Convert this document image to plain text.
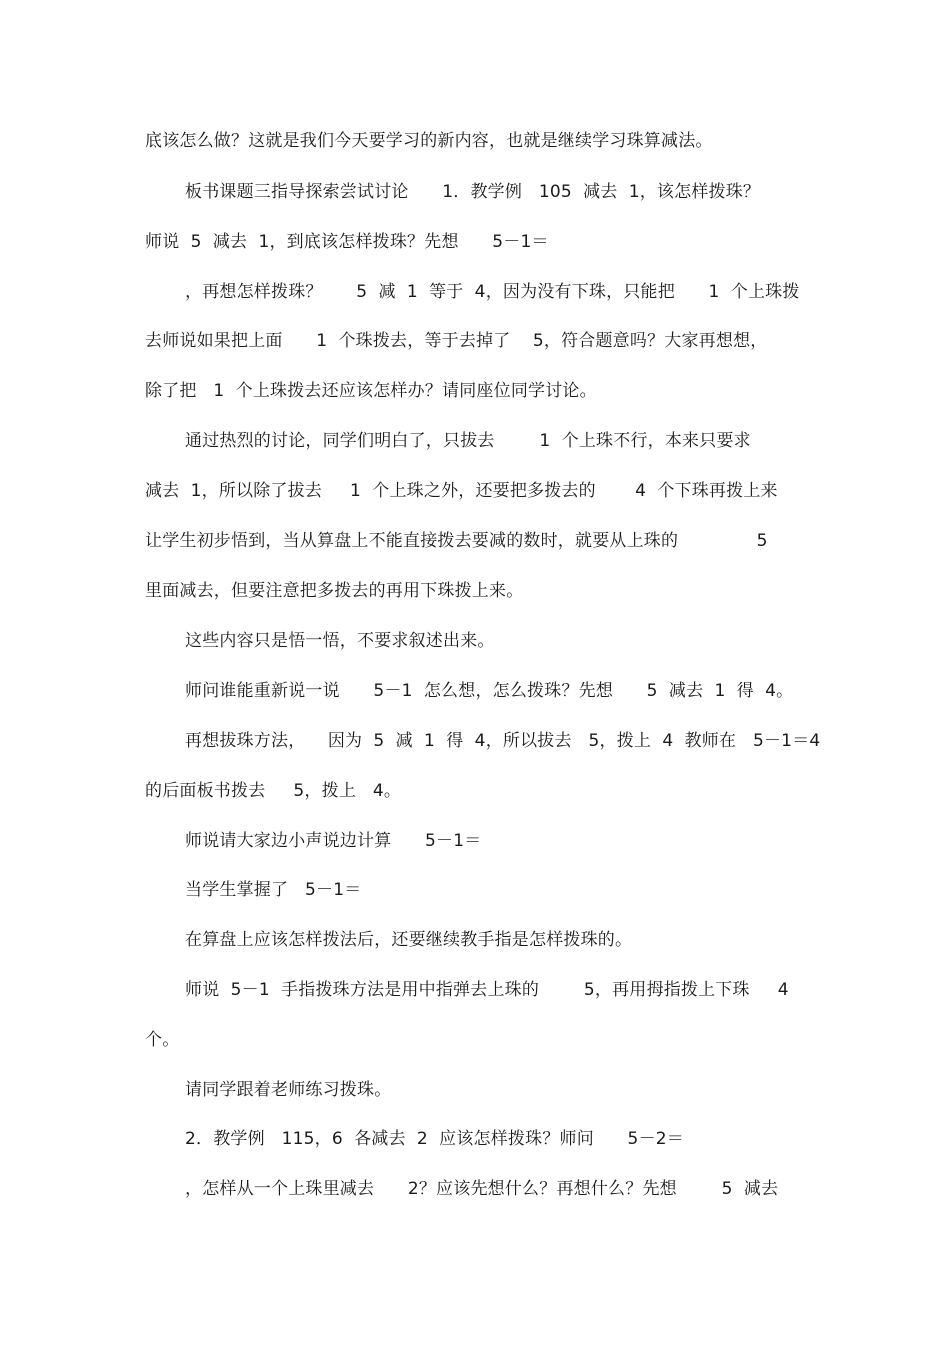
底该怎么做？这就是我们今天要学习的新内容，也就是继续学习珠算减法。
板书课题三指导探索尝试讨论      1．教学例   105  减去  1，该怎样拨珠？
师说  5  减去  1，到底该怎样拨珠？先想      5－1＝
，再想怎样拨珠？      5  减  1  等于  4，因为没有下珠，只能把      1  个上珠拨
去师说如果把上面      1  个珠拨去，等于去掉了    5，符合题意吗？大家再想想，
除了把   1  个上珠拨去还应该怎样办？请同座位同学讨论。
通过热烈的讨论，同学们明白了，只拔去        1  个上珠不行，本来只要求
减去  1，所以除了拔去     1  个上珠之外，还要把多拨去的       4  个下珠再拨上来
让学生初步悟到，当从算盘上不能直接拨去要减的数时，就要从上珠的              5
里面减去，但要注意把多拨去的再用下珠拨上来。
这些内容只是悟一悟，不要求叙述出来。
师问谁能重新说一说      5－1  怎么想，怎么拨珠？先想      5  减去  1  得  4。
再想拔珠方法，    因为  5  减  1  得  4，所以拔去   5，拨上  4  教师在   5－1＝4
的后面板书拨去     5，拨上   4。
师说请大家边小声说边计算      5－1＝
当学生掌握了   5－1＝
在算盘上应该怎样拨法后，还要继续教手指是怎样拨珠的。
师说  5－1  手指拨珠方法是用中指弹去上珠的        5，再用拇指拨上下珠     4
个。
请同学跟着老师练习拨珠。
2．教学例   115，6  各减去  2  应该怎样拨珠？师问      5－2＝
，怎样从一个上珠里减去      2？应该先想什么？再想什么？先想        5  减去
